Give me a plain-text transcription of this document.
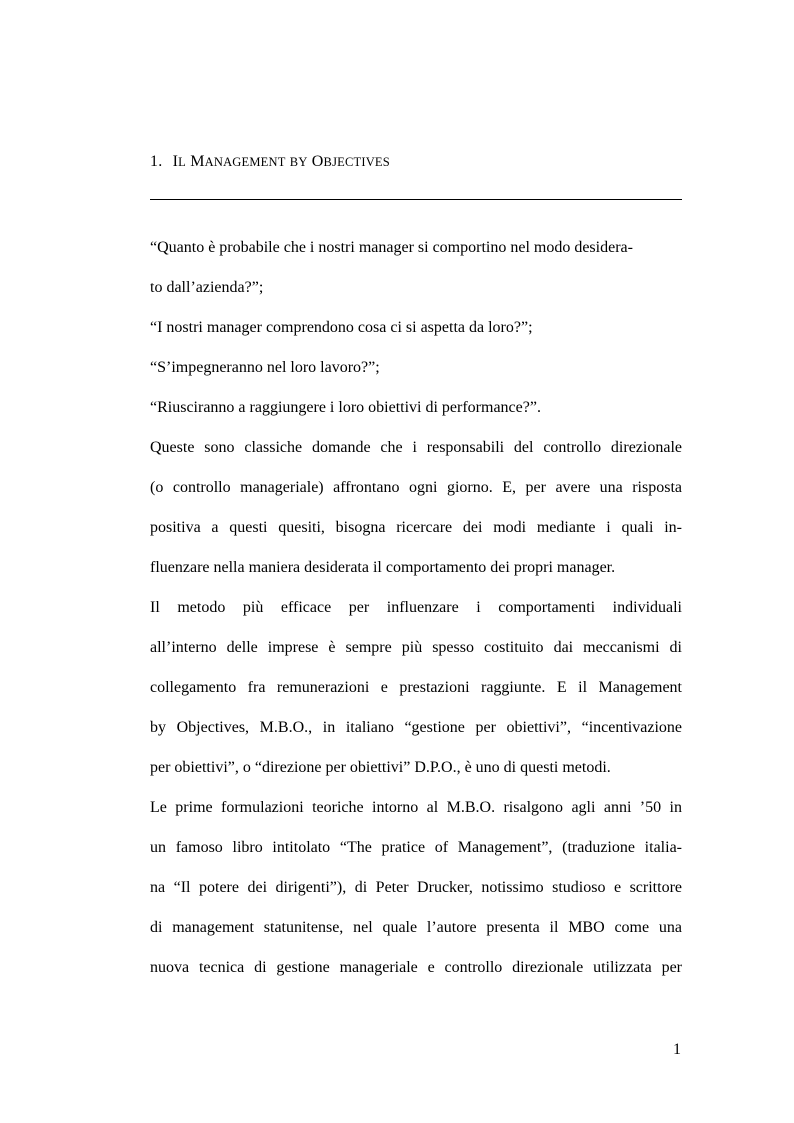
1. IL MANAGEMENT BY OBJECTIVES
“Quanto è probabile che i nostri manager si comportino nel modo desidera-
to dall’azienda?”;
“I nostri manager comprendono cosa ci si aspetta da loro?”;
“S’impegneranno nel loro lavoro?”;
“Riusciranno a raggiungere i loro obiettivi di performance?”.
Queste sono classiche domande che i responsabili del controllo direzionale
(o controllo manageriale) affrontano ogni giorno. E, per avere una risposta
positiva a questi quesiti, bisogna ricercare dei modi mediante i quali in-
fluenzare nella maniera desiderata il comportamento dei propri manager.
Il metodo più efficace per influenzare i comportamenti individuali
all’interno delle imprese è sempre più spesso costituito dai meccanismi di
collegamento fra remunerazioni e prestazioni raggiunte. E il Management
by Objectives, M.B.O., in italiano “gestione per obiettivi”, “incentivazione
per obiettivi”, o “direzione per obiettivi” D.P.O., è uno di questi metodi.
Le prime formulazioni teoriche intorno al M.B.O. risalgono agli anni ’50 in
un famoso libro intitolato “The pratice of Management”, (traduzione italia-
na “Il potere dei dirigenti”), di Peter Drucker, notissimo studioso e scrittore
di management statunitense, nel quale l’autore presenta il MBO come una
nuova tecnica di gestione manageriale e controllo direzionale utilizzata per
1
